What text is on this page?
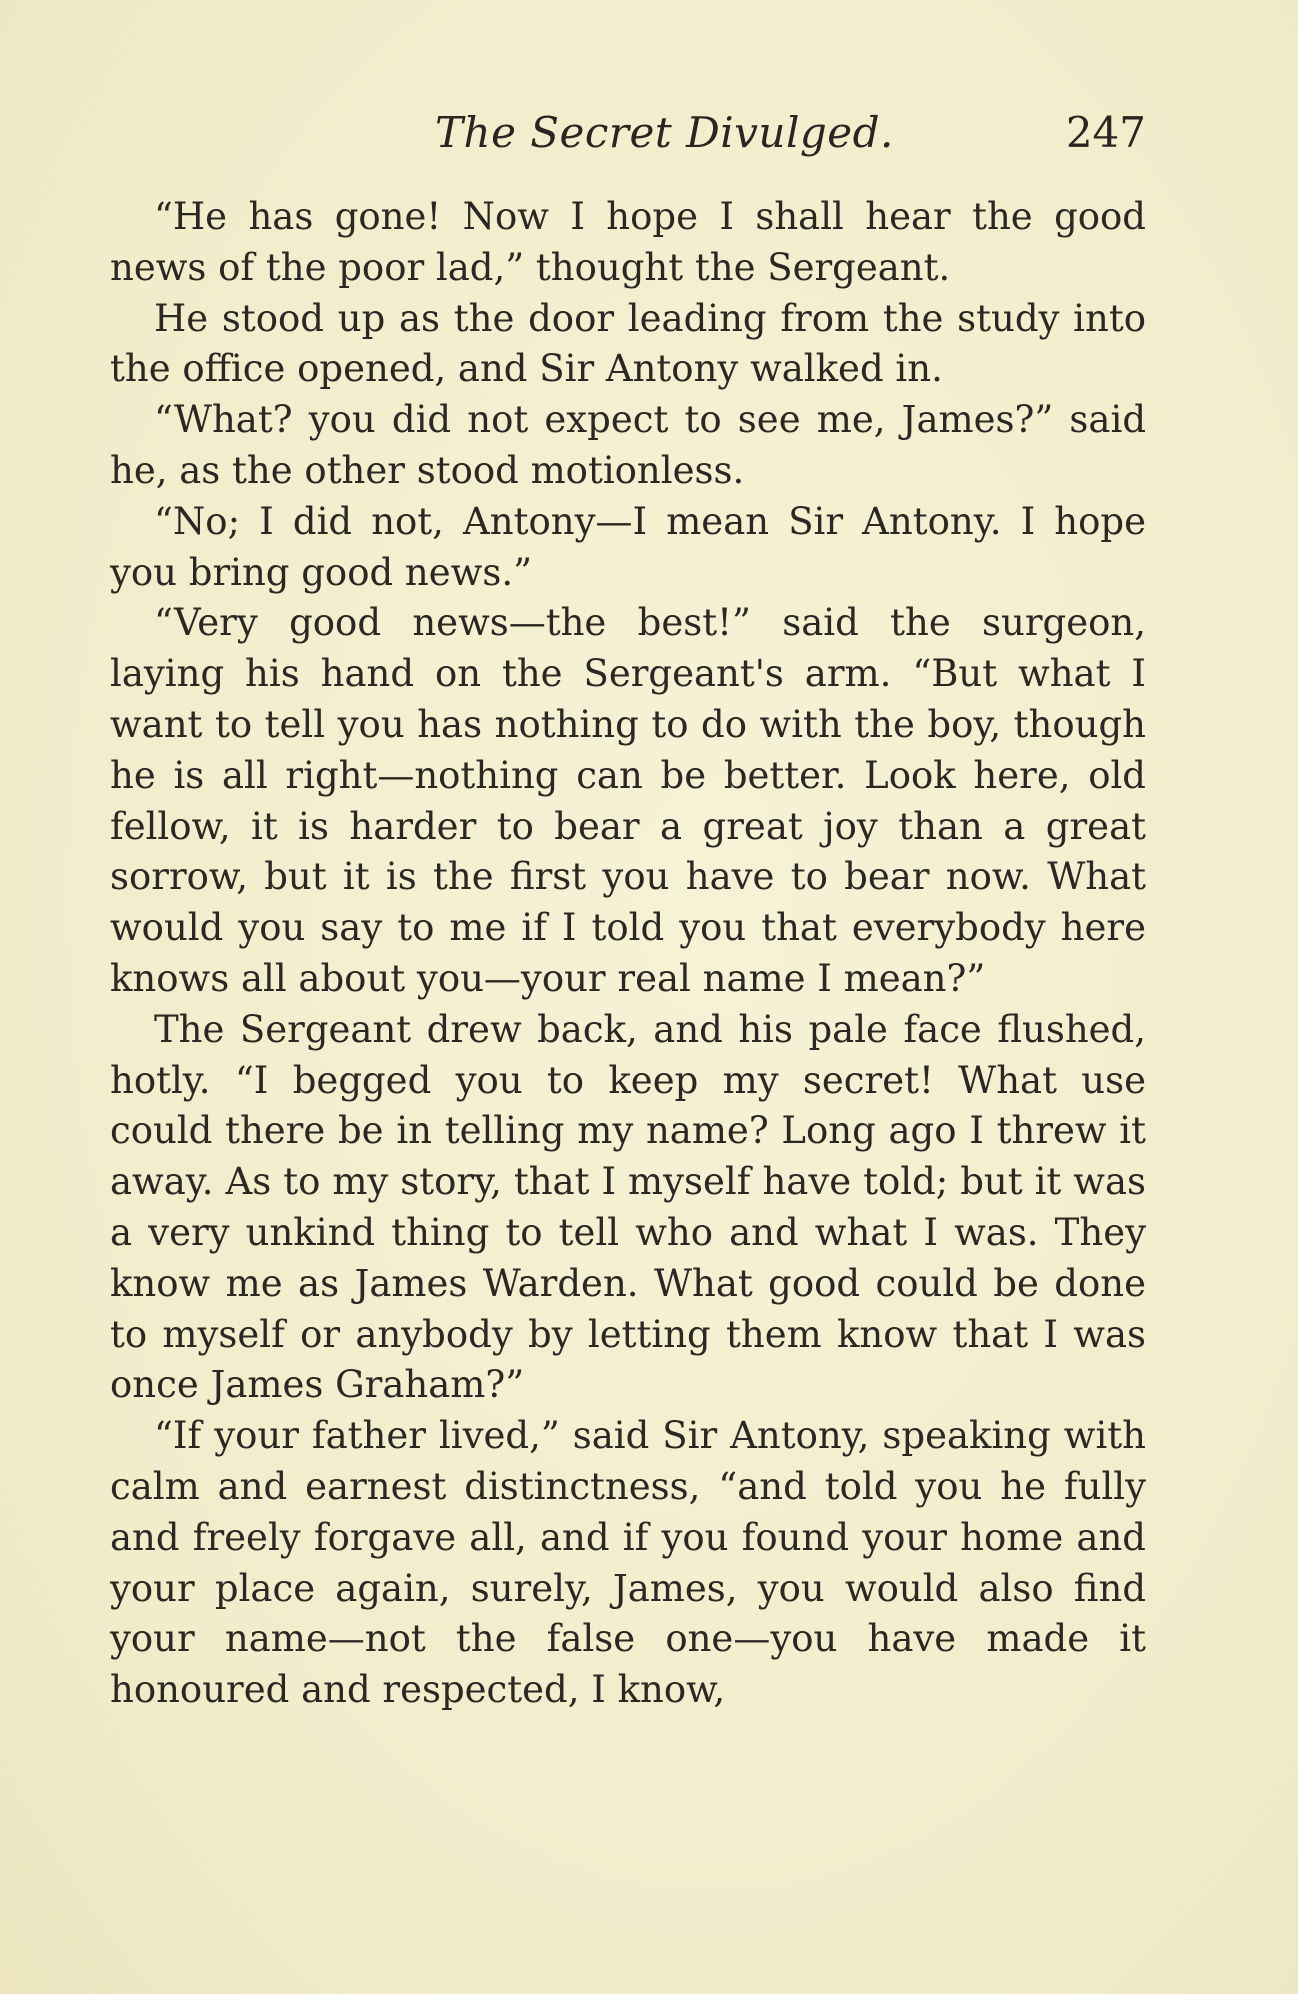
The Secret Divulged.	247

“He has gone! Now I hope I shall hear the good news of the poor lad,” thought the Sergeant.

He stood up as the door leading from the study into the office opened, and Sir Antony walked in.

“What? you did not expect to see me, James?” said he, as the other stood motionless.

“No; I did not, Antony—I mean Sir Antony. I hope you bring good news.”

“Very good news—the best!” said the surgeon, laying his hand on the Sergeant's arm. “But what I want to tell you has nothing to do with the boy, though he is all right—nothing can be better. Look here, old fellow, it is harder to bear a great joy than a great sorrow, but it is the first you have to bear now. What would you say to me if I told you that everybody here knows all about you—your real name I mean?”

The Sergeant drew back, and his pale face flushed, hotly. “I begged you to keep my secret! What use could there be in telling my name? Long ago I threw it away. As to my story, that I myself have told; but it was a very unkind thing to tell who and what I was. They know me as James Warden. What good could be done to myself or anybody by letting them know that I was once James Graham?”

“If your father lived,” said Sir Antony, speaking with calm and earnest distinctness, “and told you he fully and freely forgave all, and if you found your home and your place again, surely, James, you would also find your name—not the false one—you have made it honoured and respected, I know,
